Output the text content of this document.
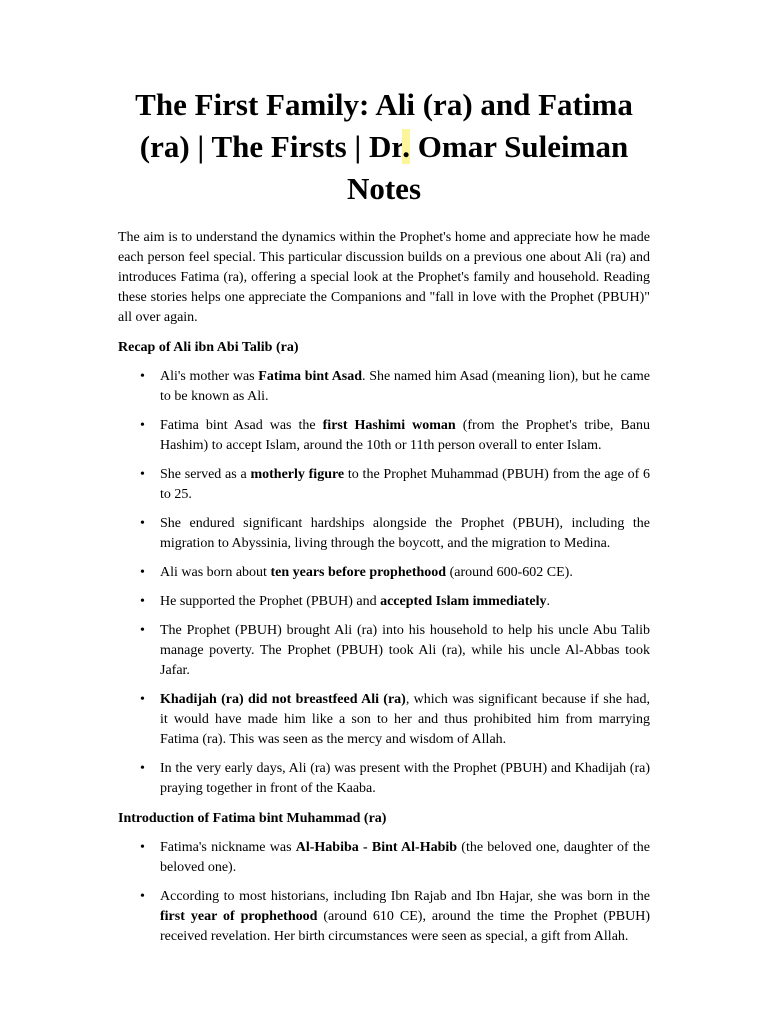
The First Family: Ali (ra) and Fatima (ra) | The Firsts | Dr. Omar Suleiman Notes

The aim is to understand the dynamics within the Prophet's home and appreciate how he made each person feel special. This particular discussion builds on a previous one about Ali (ra) and introduces Fatima (ra), offering a special look at the Prophet's family and household. Reading these stories helps one appreciate the Companions and "fall in love with the Prophet (PBUH)" all over again.

Recap of Ali ibn Abi Talib (ra)
• Ali's mother was Fatima bint Asad. She named him Asad (meaning lion), but he came to be known as Ali.
• Fatima bint Asad was the first Hashimi woman (from the Prophet's tribe, Banu Hashim) to accept Islam, around the 10th or 11th person overall to enter Islam.
• She served as a motherly figure to the Prophet Muhammad (PBUH) from the age of 6 to 25.
• She endured significant hardships alongside the Prophet (PBUH), including the migration to Abyssinia, living through the boycott, and the migration to Medina.
• Ali was born about ten years before prophethood (around 600-602 CE).
• He supported the Prophet (PBUH) and accepted Islam immediately.
• The Prophet (PBUH) brought Ali (ra) into his household to help his uncle Abu Talib manage poverty. The Prophet (PBUH) took Ali (ra), while his uncle Al-Abbas took Jafar.
• Khadijah (ra) did not breastfeed Ali (ra), which was significant because if she had, it would have made him like a son to her and thus prohibited him from marrying Fatima (ra). This was seen as the mercy and wisdom of Allah.
• In the very early days, Ali (ra) was present with the Prophet (PBUH) and Khadijah (ra) praying together in front of the Kaaba.
Introduction of Fatima bint Muhammad (ra)
• Fatima's nickname was Al-Habiba - Bint Al-Habib (the beloved one, daughter of the beloved one).
• According to most historians, including Ibn Rajab and Ibn Hajar, she was born in the first year of prophethood (around 610 CE), around the time the Prophet (PBUH) received revelation. Her birth circumstances were seen as special, a gift from Allah.
